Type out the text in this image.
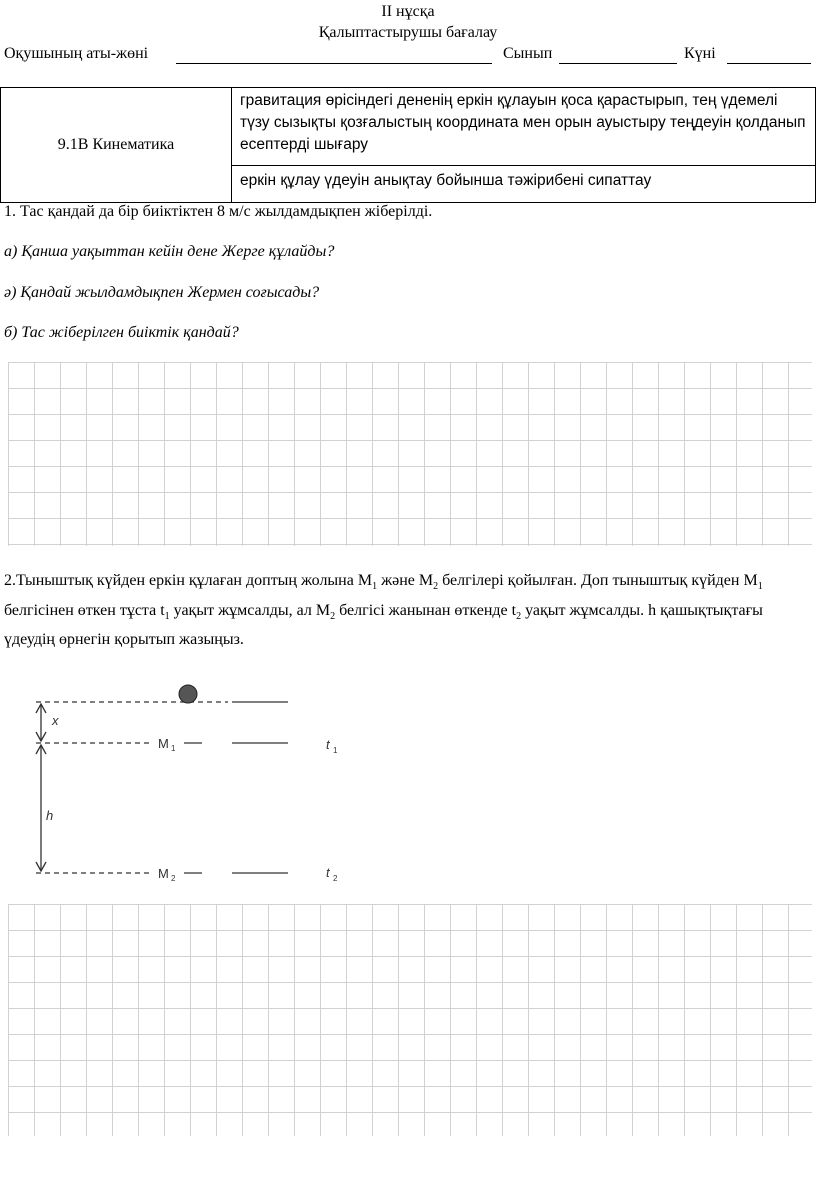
II нұсқа
Қалыптастырушы бағалау
Оқушының аты-жөні	Сынып	Күні
9.1В Кинематика	гравитация өрісіндегі дененің еркін құлауын қоса қарастырып, тең үдемелі түзу сызықты қозғалыстың координата мен орын ауыстыру теңдеуін қолданып есептерді шығару
еркін құлау үдеуін анықтау бойынша тәжірибені сипаттау
1. Тас қандай да бір биіктіктен 8 м/с жылдамдықпен жіберілді.
а) Қанша уақыттан кейін дене Жерге құлайды?
ә) Қандай жылдамдықпен Жермен соғысады?
б) Тас жіберілген биіктік қандай?
2.Тыныштық күйден еркін құлаған доптың жолына $М_1$ және $М_2$ белгілері қойылған. Доп тыныштық күйден $М_1$ белгісінен өткен тұста $t_1$ уақыт жұмсалды, ал $М_2$ белгісі жанынан өткенде $t_2$ уақыт жұмсалды. h қашықтықтағы үдеудің өрнегін қорытып жазыңыз.
x
h
M 1
M 2
t 1
t 2
